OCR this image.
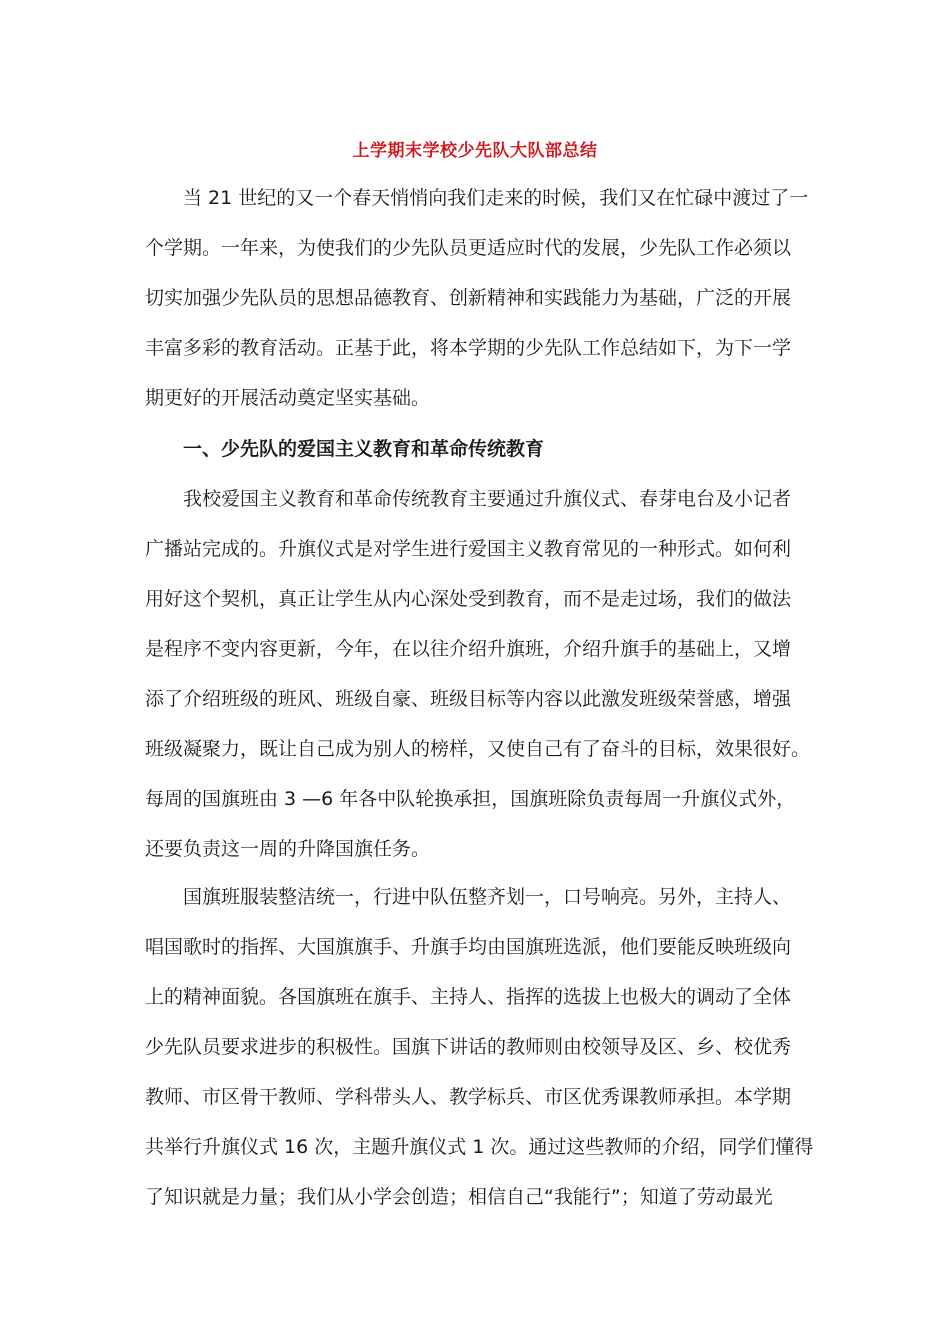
上学期末学校少先队大队部总结
当 21 世纪的又一个春天悄悄向我们走来的时候，我们又在忙碌中渡过了一
个学期。一年来，为使我们的少先队员更适应时代的发展，少先队工作必须以
切实加强少先队员的思想品德教育、创新精神和实践能力为基础，广泛的开展
丰富多彩的教育活动。正基于此，将本学期的少先队工作总结如下，为下一学
期更好的开展活动奠定坚实基础。
一、少先队的爱国主义教育和革命传统教育
我校爱国主义教育和革命传统教育主要通过升旗仪式、春芽电台及小记者
广播站完成的。升旗仪式是对学生进行爱国主义教育常见的一种形式。如何利
用好这个契机，真正让学生从内心深处受到教育，而不是走过场，我们的做法
是程序不变内容更新，今年，在以往介绍升旗班，介绍升旗手的基础上，又增
添了介绍班级的班风、班级自豪、班级目标等内容以此激发班级荣誉感，增强
班级凝聚力，既让自己成为别人的榜样，又使自己有了奋斗的目标，效果很好。
每周的国旗班由 3 —6 年各中队轮换承担，国旗班除负责每周一升旗仪式外，
还要负责这一周的升降国旗任务。
国旗班服装整洁统一，行进中队伍整齐划一，口号响亮。另外，主持人、
唱国歌时的指挥、大国旗旗手、升旗手均由国旗班选派，他们要能反映班级向
上的精神面貌。各国旗班在旗手、主持人、指挥的选拔上也极大的调动了全体
少先队员要求进步的积极性。国旗下讲话的教师则由校领导及区、乡、校优秀
教师、市区骨干教师、学科带头人、教学标兵、市区优秀课教师承担。本学期
共举行升旗仪式 16 次，主题升旗仪式 1 次。通过这些教师的介绍，同学们懂得
了知识就是力量；我们从小学会创造；相信自己“我能行”；知道了劳动最光
